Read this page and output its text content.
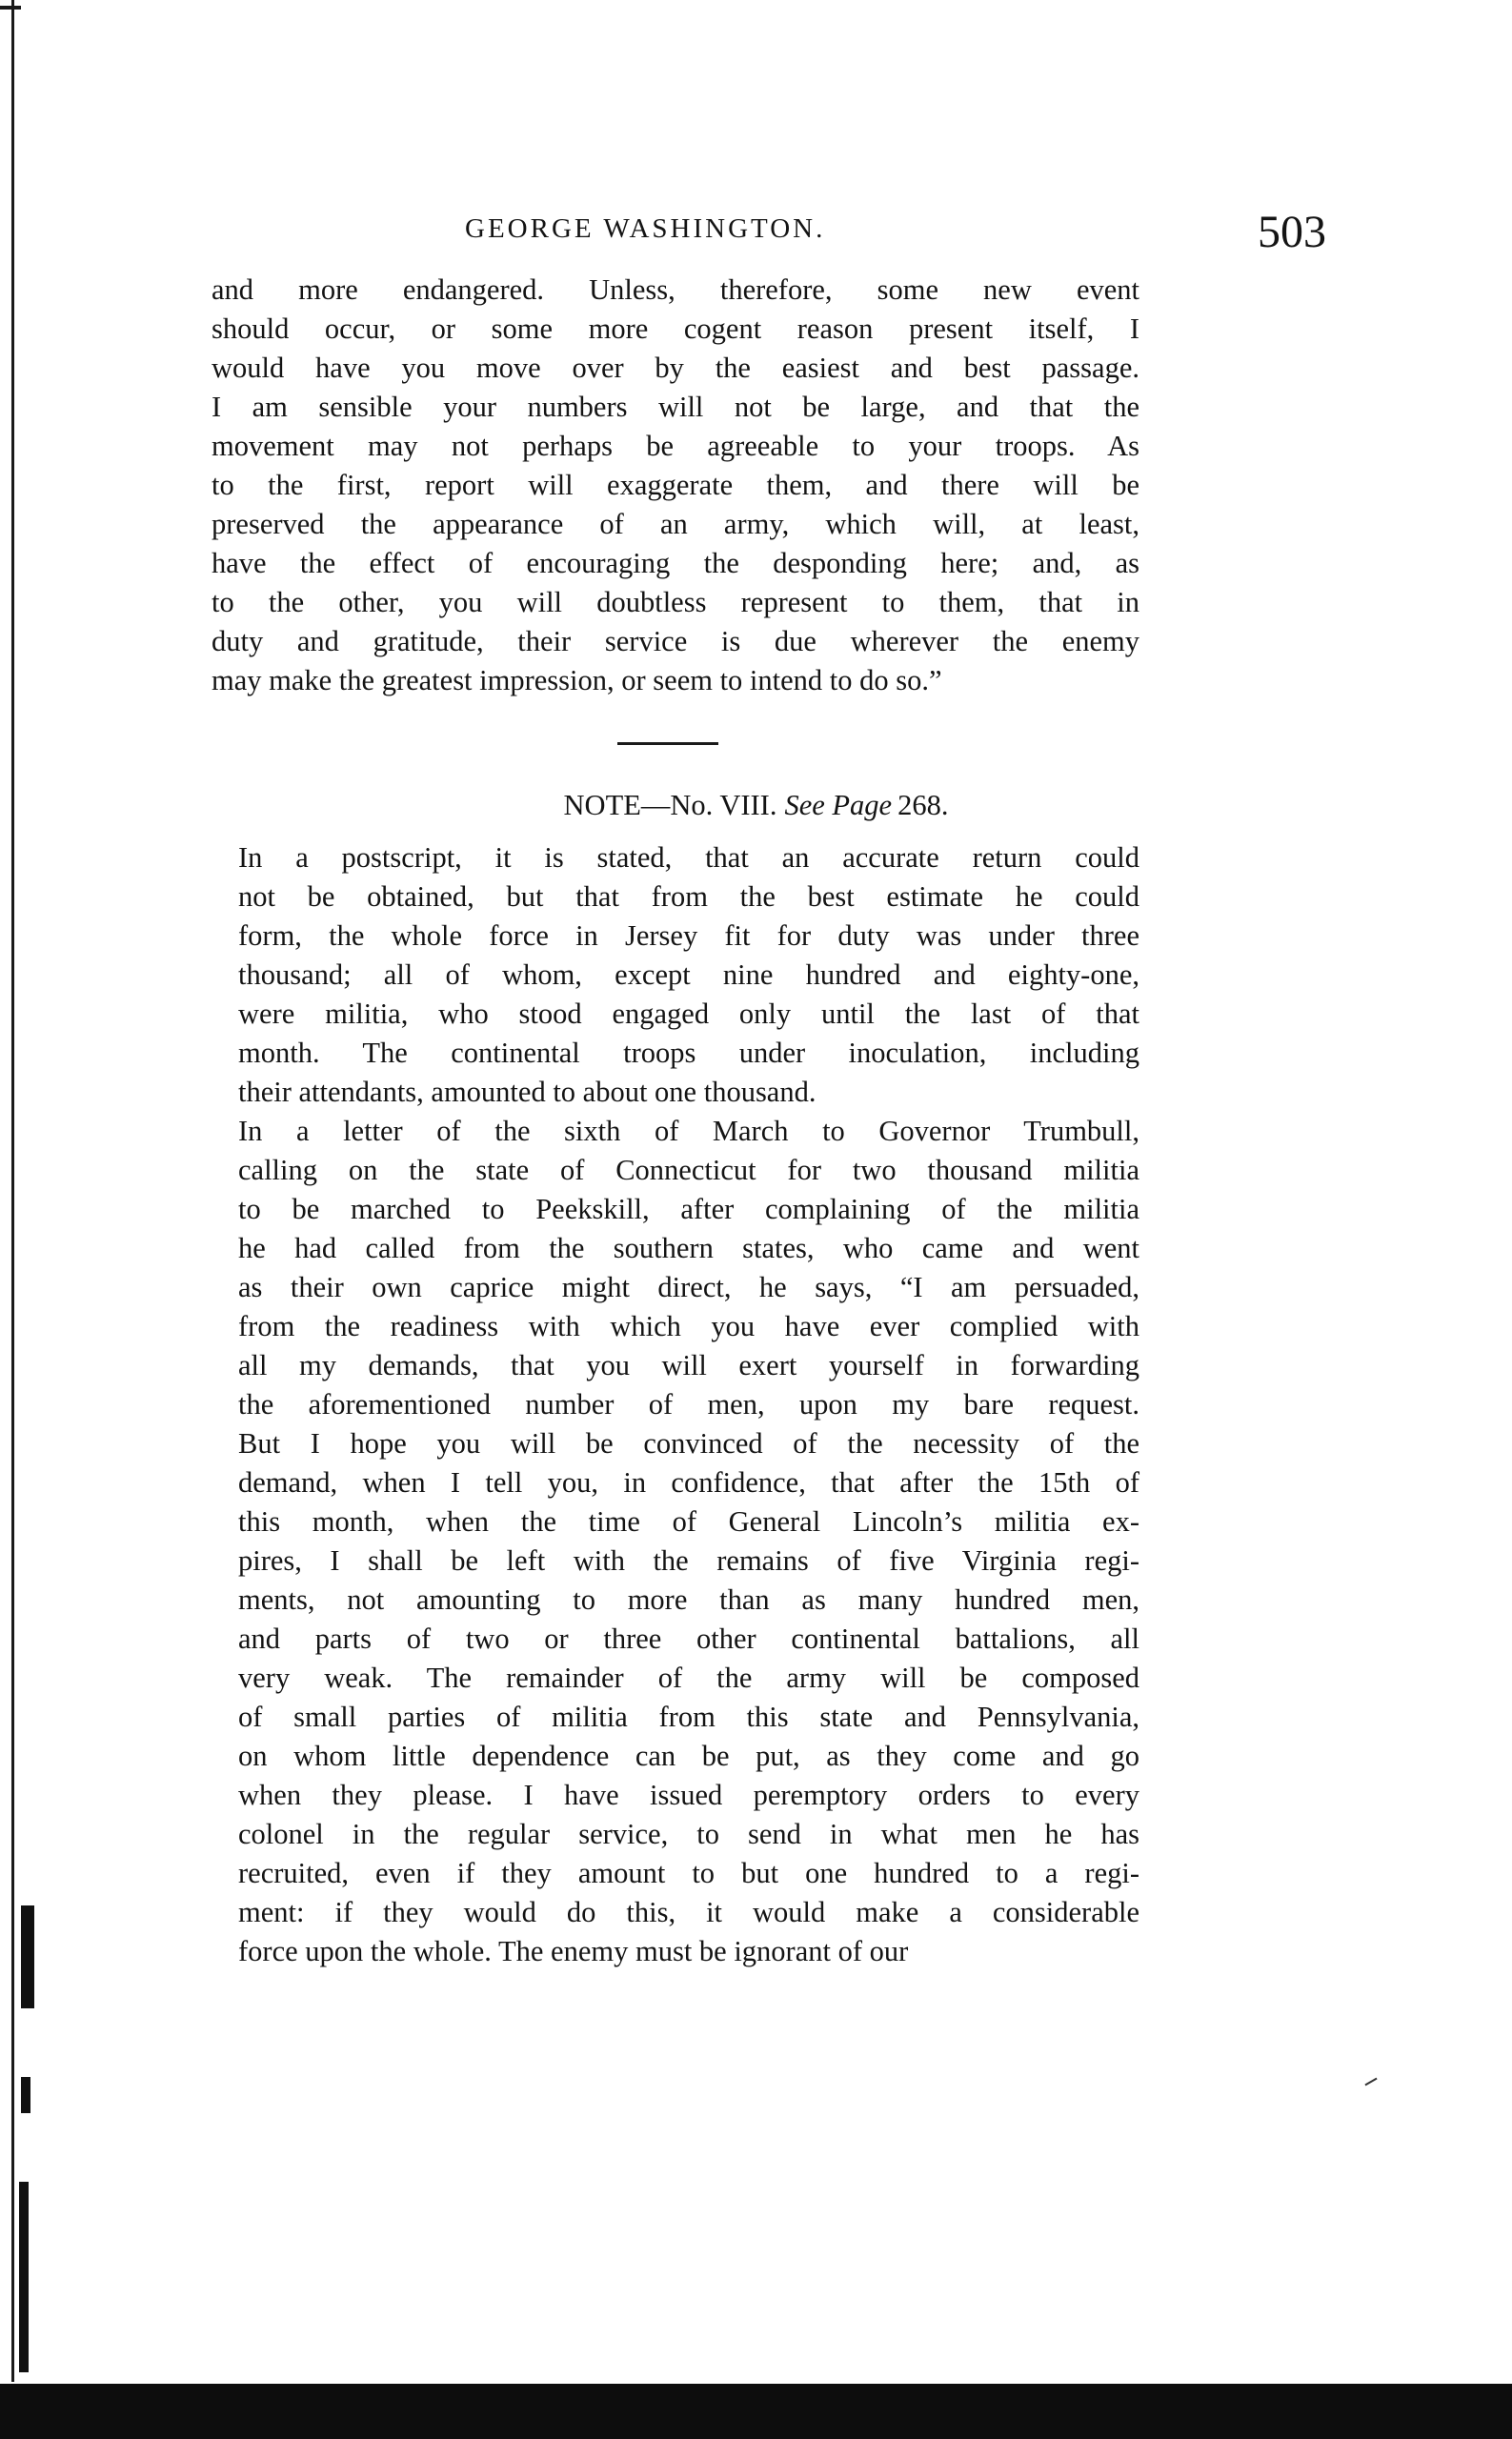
GEORGE WASHINGTON.	503

and more endangered. Unless, therefore, some new event
should occur, or some more cogent reason present itself, I
would have you move over by the easiest and best passage.
I am sensible your numbers will not be large, and that the
movement may not perhaps be agreeable to your troops. As
to the first, report will exaggerate them, and there will be
preserved the appearance of an army, which will, at least,
have the effect of encouraging the desponding here; and, as
to the other, you will doubtless represent to them, that in
duty and gratitude, their service is due wherever the enemy
may make the greatest impression, or seem to intend to do so.”

NOTE—No. VIII. See Page 268.

In a postscript, it is stated, that an accurate return could
not be obtained, but that from the best estimate he could
form, the whole force in Jersey fit for duty was under three
thousand; all of whom, except nine hundred and eighty-one,
were militia, who stood engaged only until the last of that
month. The continental troops under inoculation, including
their attendants, amounted to about one thousand.

In a letter of the sixth of March to Governor Trumbull,
calling on the state of Connecticut for two thousand militia
to be marched to Peekskill, after complaining of the militia
he had called from the southern states, who came and went
as their own caprice might direct, he says, “I am persuaded,
from the readiness with which you have ever complied with
all my demands, that you will exert yourself in forwarding
the aforementioned number of men, upon my bare request.
But I hope you will be convinced of the necessity of the
demand, when I tell you, in confidence, that after the 15th of
this month, when the time of General Lincoln’s militia ex-
pires, I shall be left with the remains of five Virginia regi-
ments, not amounting to more than as many hundred men,
and parts of two or three other continental battalions, all
very weak. The remainder of the army will be composed
of small parties of militia from this state and Pennsylvania,
on whom little dependence can be put, as they come and go
when they please. I have issued peremptory orders to every
colonel in the regular service, to send in what men he has
recruited, even if they amount to but one hundred to a regi-
ment: if they would do this, it would make a considerable
force upon the whole. The enemy must be ignorant of our
